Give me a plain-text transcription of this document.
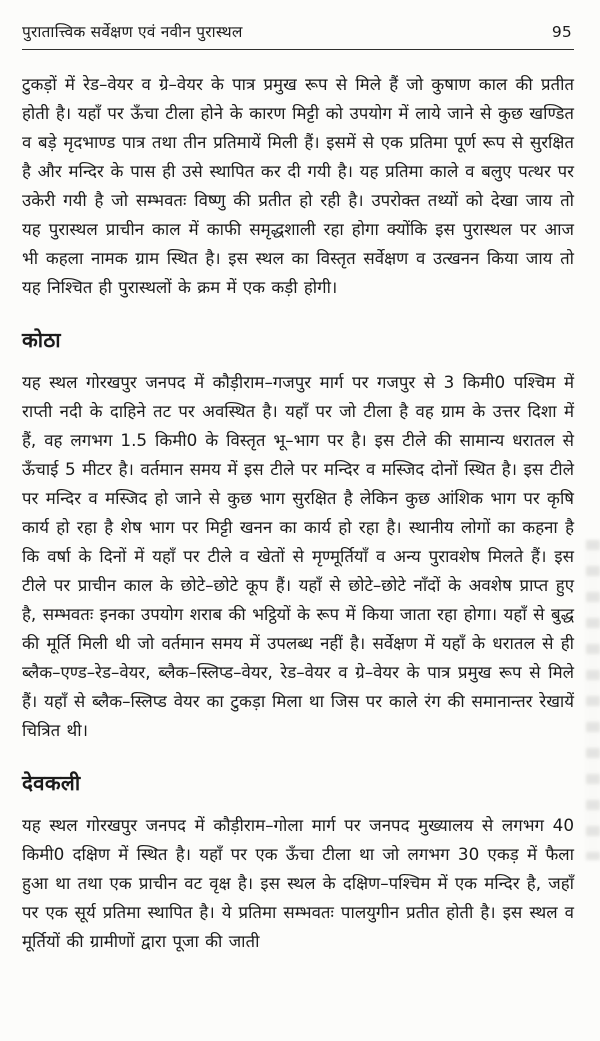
पुरातात्त्विक सर्वेक्षण एवं नवीन पुरास्थल	95

टुकड़ों में रेड–वेयर व ग्रे–वेयर के पात्र प्रमुख रूप से मिले हैं जो कुषाण काल की प्रतीत होती है। यहाँ पर ऊँचा टीला होने के कारण मिट्टी को उपयोग में लाये जाने से कुछ खण्डित व बड़े मृदभाण्ड पात्र तथा तीन प्रतिमायें मिली हैं। इसमें से एक प्रतिमा पूर्ण रूप से सुरक्षित है और मन्दिर के पास ही उसे स्थापित कर दी गयी है। यह प्रतिमा काले व बलुए पत्थर पर उकेरी गयी है जो सम्भवतः विष्णु की प्रतीत हो रही है। उपरोक्त तथ्यों को देखा जाय तो यह पुरास्थल प्राचीन काल में काफी समृद्धशाली रहा होगा क्योंकि इस पुरास्थल पर आज भी कहला नामक ग्राम स्थित है। इस स्थल का विस्तृत सर्वेक्षण व उत्खनन किया जाय तो यह निश्चित ही पुरास्थलों के क्रम में एक कड़ी होगी।

कोठा

यह स्थल गोरखपुर जनपद में कौड़ीराम–गजपुर मार्ग पर गजपुर से 3 किमी0 पश्चिम में राप्ती नदी के दाहिने तट पर अवस्थित है। यहाँ पर जो टीला है वह ग्राम के उत्तर दिशा में हैं, वह लगभग 1.5 किमी0 के विस्तृत भू–भाग पर है। इस टीले की सामान्य धरातल से ऊँचाई 5 मीटर है। वर्तमान समय में इस टीले पर मन्दिर व मस्जिद दोनों स्थित है। इस टीले पर मन्दिर व मस्जिद हो जाने से कुछ भाग सुरक्षित है लेकिन कुछ आंशिक भाग पर कृषि कार्य हो रहा है शेष भाग पर मिट्टी खनन का कार्य हो रहा है। स्थानीय लोगों का कहना है कि वर्षा के दिनों में यहाँ पर टीले व खेतों से मृण्मूर्तियाँ व अन्य पुरावशेष मिलते हैं। इस टीले पर प्राचीन काल के छोटे–छोटे कूप हैं। यहाँ से छोटे–छोटे नाँदों के अवशेष प्राप्त हुए है, सम्भवतः इनका उपयोग शराब की भट्ठियों के रूप में किया जाता रहा होगा। यहाँ से बुद्ध की मूर्ति मिली थी जो वर्तमान समय में उपलब्ध नहीं है। सर्वेक्षण में यहाँ के धरातल से ही ब्लैक–एण्ड–रेड–वेयर, ब्लैक–स्लिप्ड–वेयर, रेड–वेयर व ग्रे–वेयर के पात्र प्रमुख रूप से मिले हैं। यहाँ से ब्लैक–स्लिप्ड वेयर का टुकड़ा मिला था जिस पर काले रंग की समानान्तर रेखायें चित्रित थी।

देवकली

यह स्थल गोरखपुर जनपद में कौड़ीराम–गोला मार्ग पर जनपद मुख्यालय से लगभग 40 किमी0 दक्षिण में स्थित है। यहाँ पर एक ऊँचा टीला था जो लगभग 30 एकड़ में फैला हुआ था तथा एक प्राचीन वट वृक्ष है। इस स्थल के दक्षिण–पश्चिम में एक मन्दिर है, जहाँ पर एक सूर्य प्रतिमा स्थापित है। ये प्रतिमा सम्भवतः पालयुगीन प्रतीत होती है। इस स्थल व मूर्तियों की ग्रामीणों द्वारा पूजा की जाती
